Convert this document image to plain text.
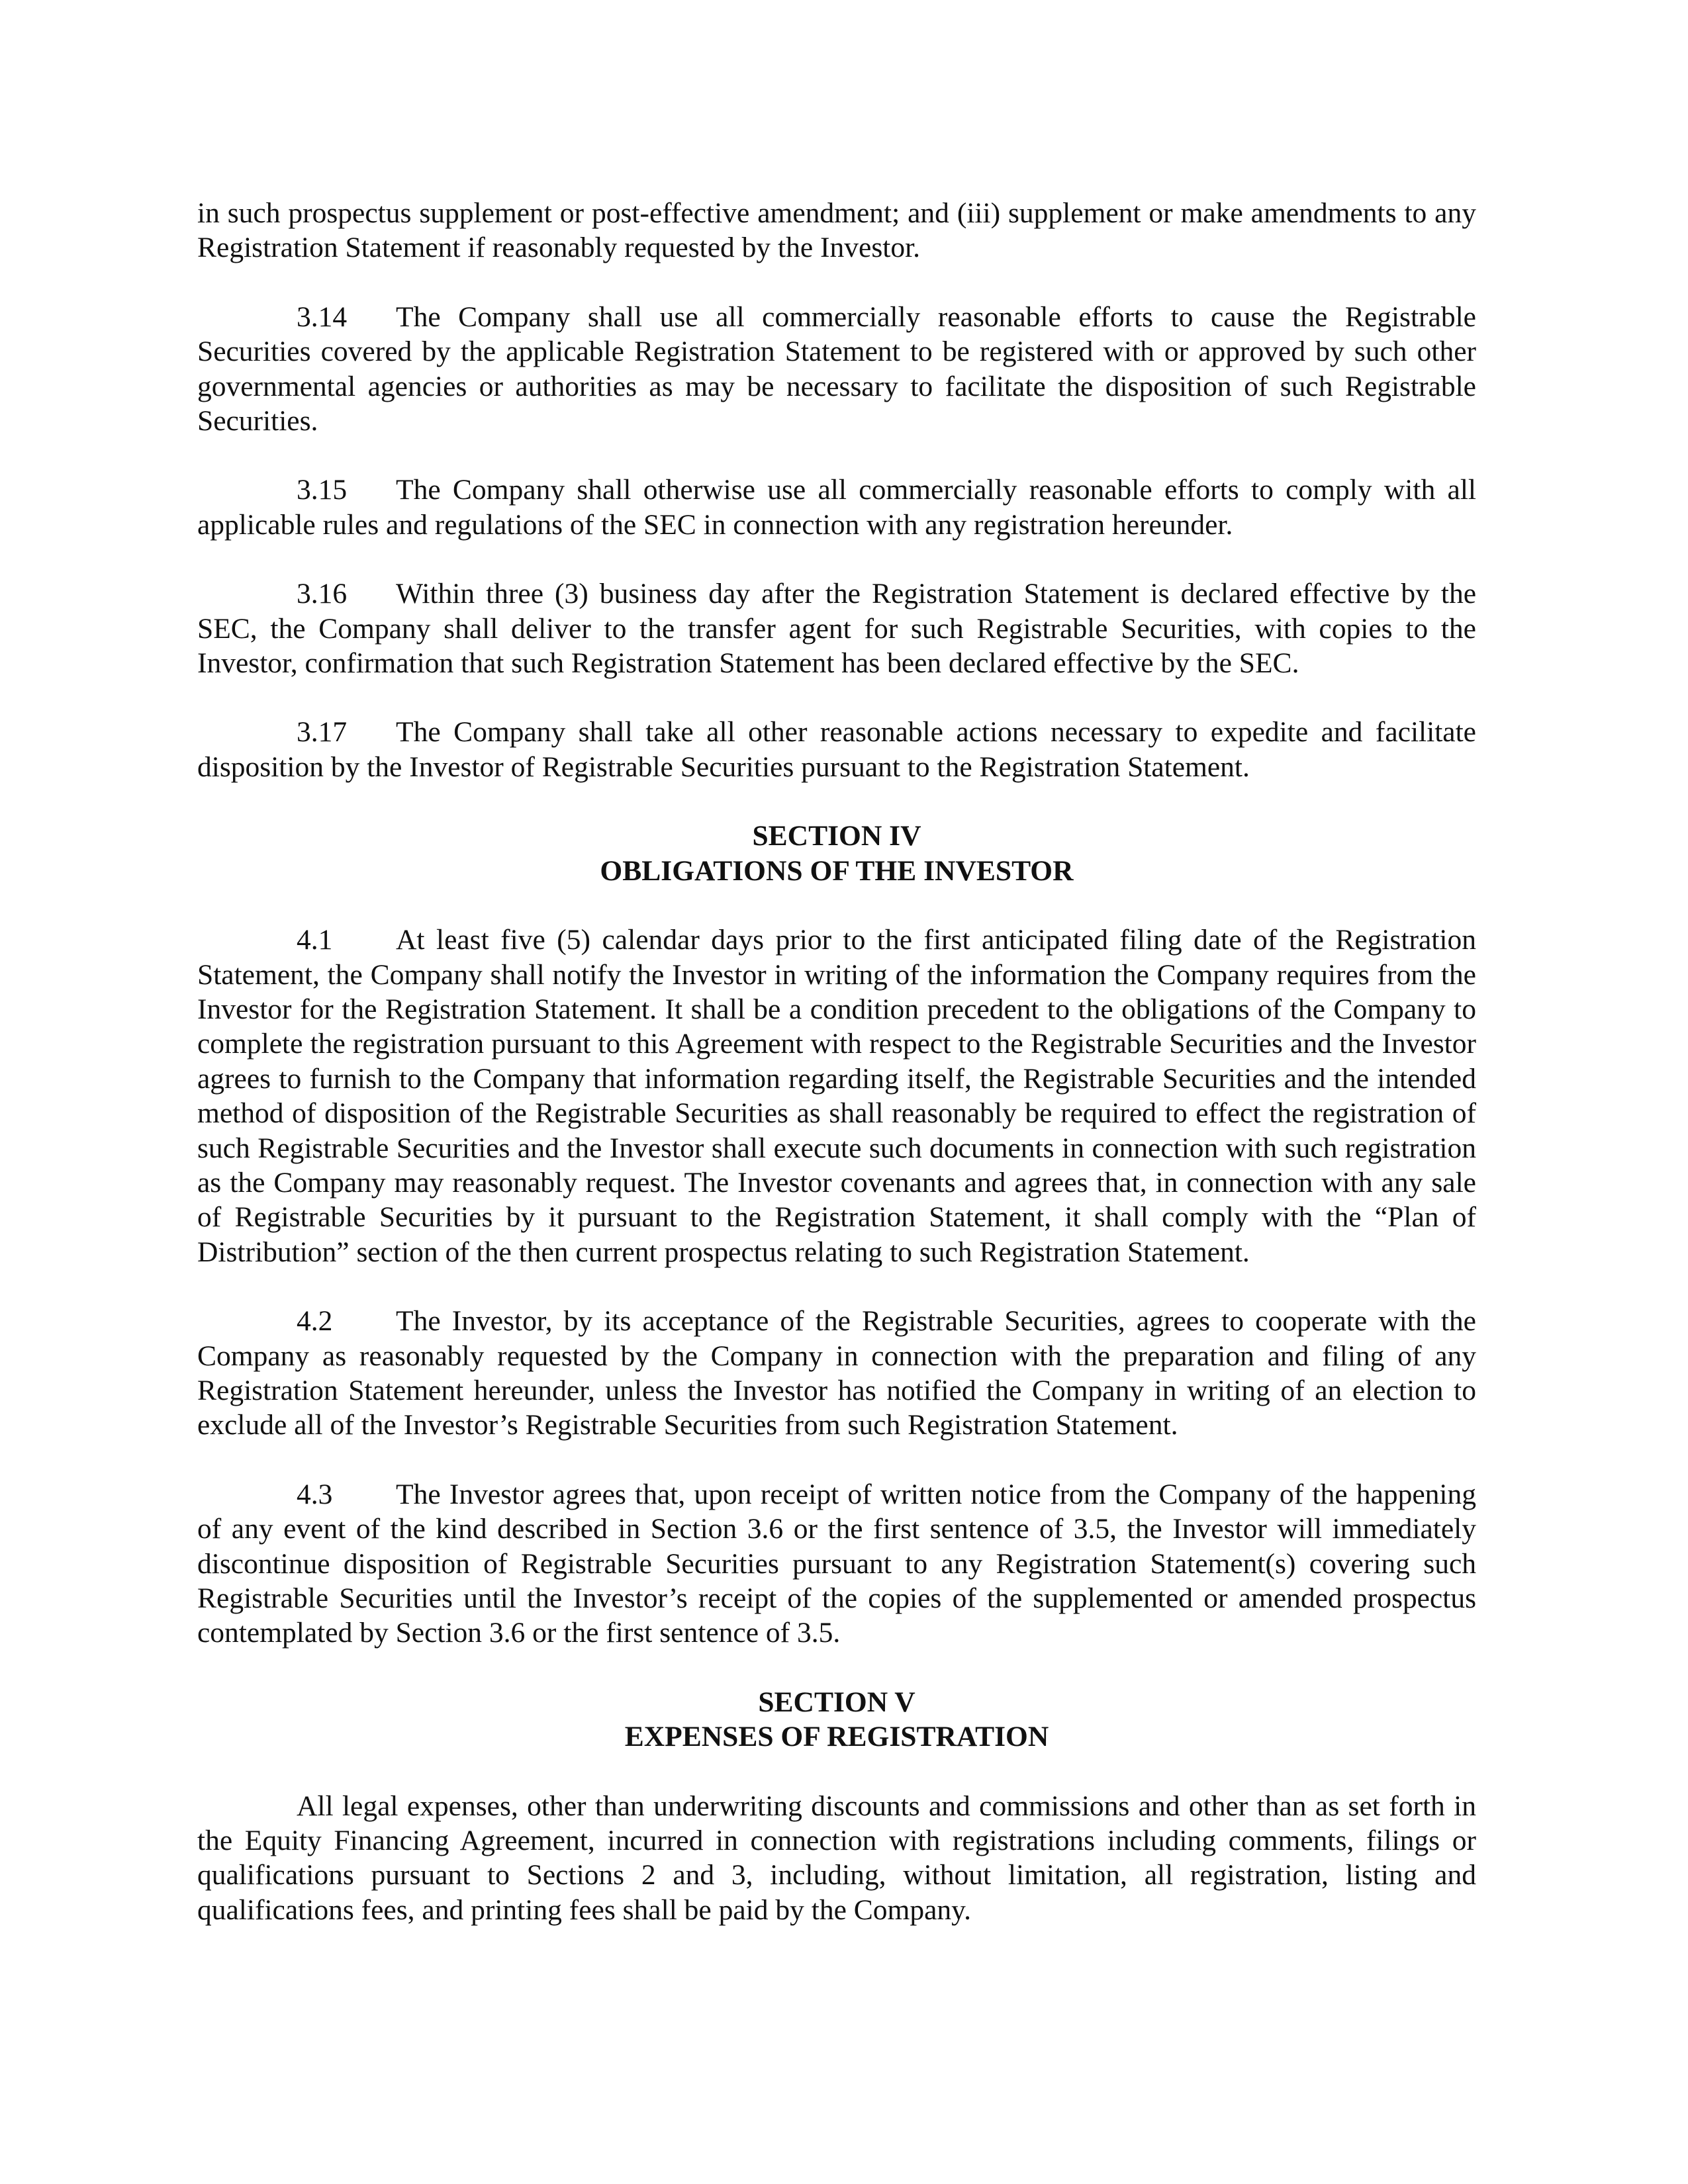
in such prospectus supplement or post-effective amendment; and (iii) supplement or make amendments to any Registration Statement if reasonably requested by the Investor.

3.14 The Company shall use all commercially reasonable efforts to cause the Registrable Securities covered by the applicable Registration Statement to be registered with or approved by such other governmental agencies or authorities as may be necessary to facilitate the disposition of such Registrable Securities.

3.15 The Company shall otherwise use all commercially reasonable efforts to comply with all applicable rules and regulations of the SEC in connection with any registration hereunder.

3.16 Within three (3) business day after the Registration Statement is declared effective by the SEC, the Company shall deliver to the transfer agent for such Registrable Securities, with copies to the Investor, confirmation that such Registration Statement has been declared effective by the SEC.

3.17 The Company shall take all other reasonable actions necessary to expedite and facilitate disposition by the Investor of Registrable Securities pursuant to the Registration Statement.

SECTION IV
OBLIGATIONS OF THE INVESTOR

4.1 At least five (5) calendar days prior to the first anticipated filing date of the Registration Statement, the Company shall notify the Investor in writing of the information the Company requires from the Investor for the Registration Statement. It shall be a condition precedent to the obligations of the Company to complete the registration pursuant to this Agreement with respect to the Registrable Securities and the Investor agrees to furnish to the Company that information regarding itself, the Registrable Securities and the intended method of disposition of the Registrable Securities as shall reasonably be required to effect the registration of such Registrable Securities and the Investor shall execute such documents in connection with such registration as the Company may reasonably request. The Investor covenants and agrees that, in connection with any sale of Registrable Securities by it pursuant to the Registration Statement, it shall comply with the “Plan of Distribution” section of the then current prospectus relating to such Registration Statement.

4.2 The Investor, by its acceptance of the Registrable Securities, agrees to cooperate with the Company as reasonably requested by the Company in connection with the preparation and filing of any Registration Statement hereunder, unless the Investor has notified the Company in writing of an election to exclude all of the Investor’s Registrable Securities from such Registration Statement.

4.3 The Investor agrees that, upon receipt of written notice from the Company of the happening of any event of the kind described in Section 3.6 or the first sentence of 3.5, the Investor will immediately discontinue disposition of Registrable Securities pursuant to any Registration Statement(s) covering such Registrable Securities until the Investor’s receipt of the copies of the supplemented or amended prospectus contemplated by Section 3.6 or the first sentence of 3.5.

SECTION V
EXPENSES OF REGISTRATION

All legal expenses, other than underwriting discounts and commissions and other than as set forth in the Equity Financing Agreement, incurred in connection with registrations including comments, filings or qualifications pursuant to Sections 2 and 3, including, without limitation, all registration, listing and qualifications fees, and printing fees shall be paid by the Company.
